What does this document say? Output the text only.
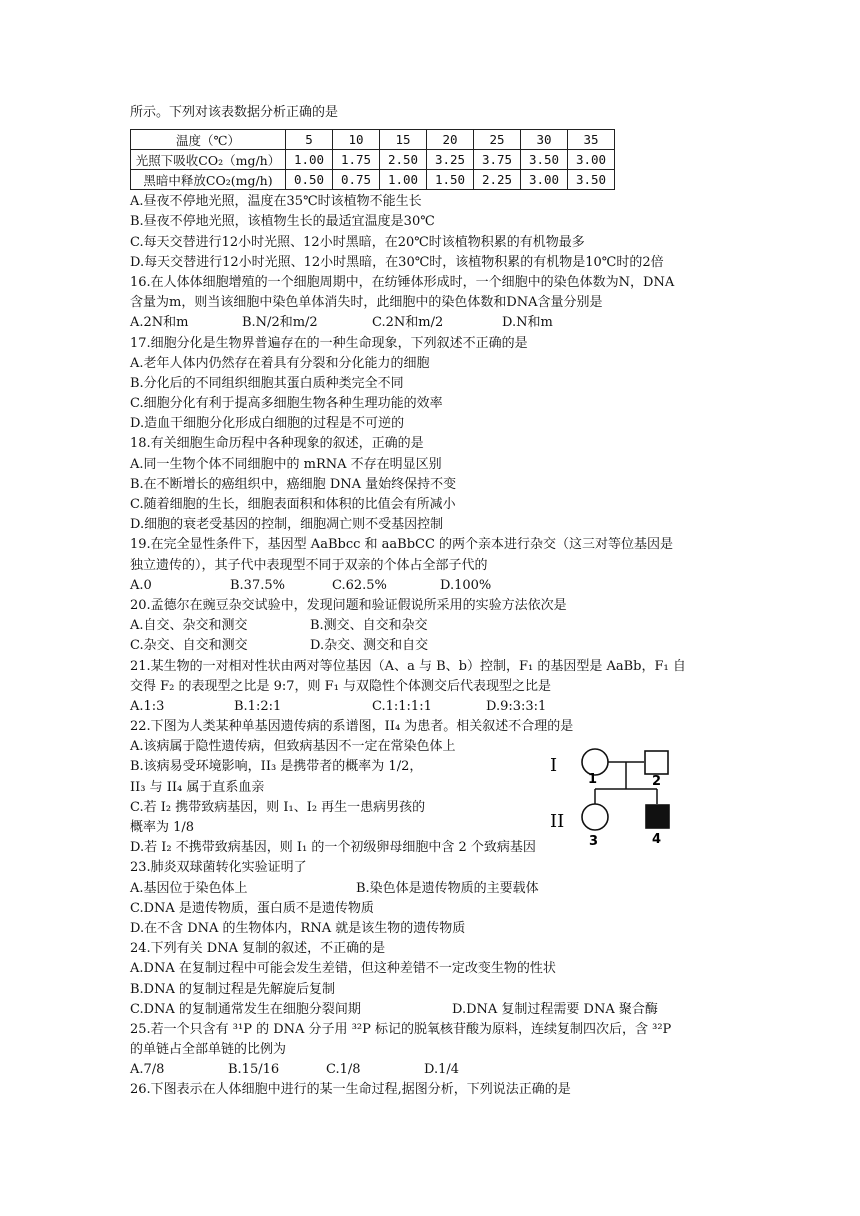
所示。下列对该表数据分析正确的是
温度（℃）	5	10	15	20	25	30	35
光照下吸收CO₂（mg/h）	1.00	1.75	2.50	3.25	3.75	3.50	3.00
黑暗中释放CO₂(mg/h)	0.50	0.75	1.00	1.50	2.25	3.00	3.50
A.昼夜不停地光照，温度在35℃时该植物不能生长
B.昼夜不停地光照，该植物生长的最适宜温度是30℃
C.每天交替进行12小时光照、12小时黑暗，在20℃时该植物积累的有机物最多
D.每天交替进行12小时光照、12小时黑暗，在30℃时，该植物积累的有机物是10℃时的2倍
16.在人体体细胞增殖的一个细胞周期中，在纺锤体形成时，一个细胞中的染色体数为N，DNA
含量为m，则当该细胞中染色单体消失时，此细胞中的染色体数和DNA含量分别是
A.2N和m	B.N/2和m/2	C.2N和m/2	D.N和m
17.细胞分化是生物界普遍存在的一种生命现象，下列叙述不正确的是
A.老年人体内仍然存在着具有分裂和分化能力的细胞
B.分化后的不同组织细胞其蛋白质种类完全不同
C.细胞分化有利于提高多细胞生物各种生理功能的效率
D.造血干细胞分化形成白细胞的过程是不可逆的
18.有关细胞生命历程中各种现象的叙述，正确的是
A.同一生物个体不同细胞中的 mRNA 不存在明显区别
B.在不断增长的癌组织中，癌细胞 DNA 量始终保持不变
C.随着细胞的生长，细胞表面积和体积的比值会有所减小
D.细胞的衰老受基因的控制，细胞凋亡则不受基因控制
19.在完全显性条件下，基因型 AaBbcc 和 aaBbCC 的两个亲本进行杂交（这三对等位基因是
独立遗传的），其子代中表现型不同于双亲的个体占全部子代的
A.0	B.37.5%	C.62.5%	D.100%
20.孟德尔在豌豆杂交试验中，发现问题和验证假说所采用的实验方法依次是
A.自交、杂交和测交	B.测交、自交和杂交
C.杂交、自交和测交	D.杂交、测交和自交
21.某生物的一对相对性状由两对等位基因（A、a 与 B、b）控制，F₁ 的基因型是 AaBb，F₁ 自
交得 F₂ 的表现型之比是 9:7，则 F₁ 与双隐性个体测交后代表现型之比是
A.1:3	B.1:2:1	C.1:1:1:1	D.9:3:3:1
22.下图为人类某种单基因遗传病的系谱图，II₄ 为患者。相关叙述不合理的是
A.该病属于隐性遗传病，但致病基因不一定在常染色体上
B.该病易受环境影响，II₃ 是携带者的概率为 1/2，
II₃ 与 II₄ 属于直系血亲
C.若 I₂ 携带致病基因，则 I₁、I₂ 再生一患病男孩的
概率为 1/8
D.若 I₂ 不携带致病基因，则 I₁ 的一个初级卵母细胞中含 2 个致病基因
23.肺炎双球菌转化实验证明了
A.基因位于染色体上	B.染色体是遗传物质的主要载体
C.DNA 是遗传物质，蛋白质不是遗传物质
D.在不含 DNA 的生物体内，RNA 就是该生物的遗传物质
24.下列有关 DNA 复制的叙述，不正确的是
A.DNA 在复制过程中可能会发生差错，但这种差错不一定改变生物的性状
B.DNA 的复制过程是先解旋后复制
C.DNA 的复制通常发生在细胞分裂间期	D.DNA 复制过程需要 DNA 聚合酶
25.若一个只含有 ³¹P 的 DNA 分子用 ³²P 标记的脱氧核苷酸为原料，连续复制四次后，含 ³²P
的单链占全部单链的比例为
A.7/8	B.15/16	C.1/8	D.1/4
26.下图表示在人体细胞中进行的某一生命过程,据图分析，下列说法正确的是
I
II
1	2
3	4
